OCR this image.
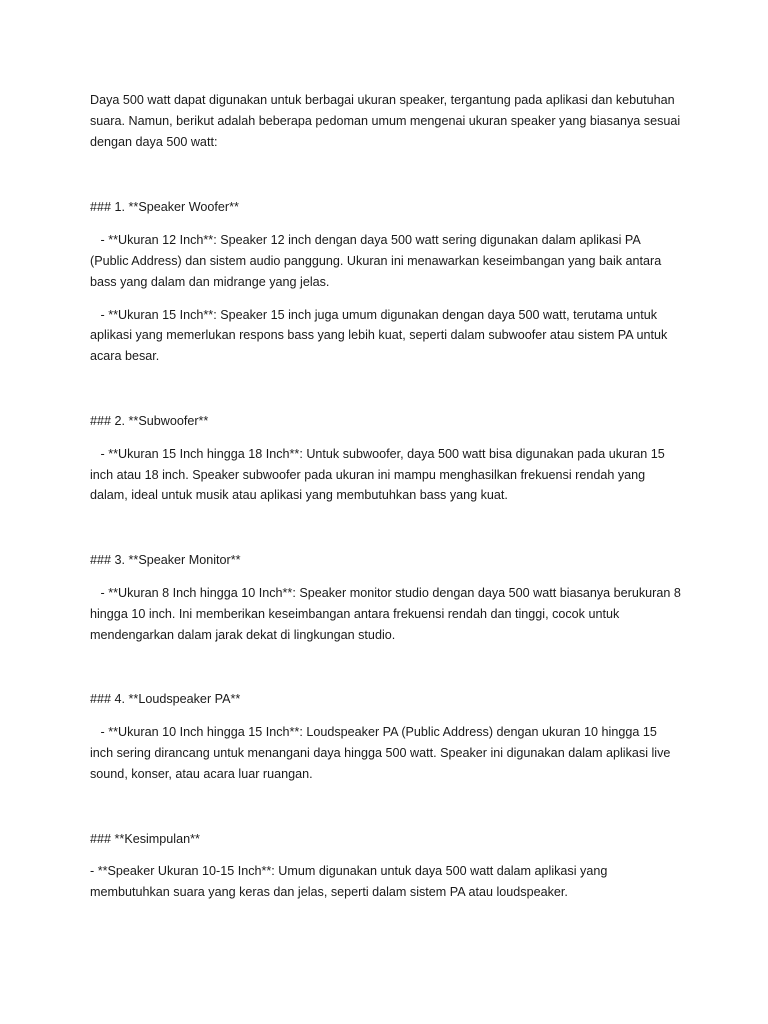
Daya 500 watt dapat digunakan untuk berbagai ukuran speaker, tergantung pada aplikasi dan kebutuhan suara. Namun, berikut adalah beberapa pedoman umum mengenai ukuran speaker yang biasanya sesuai dengan daya 500 watt:

### 1. **Speaker Woofer**

- **Ukuran 12 Inch**: Speaker 12 inch dengan daya 500 watt sering digunakan dalam aplikasi PA (Public Address) dan sistem audio panggung. Ukuran ini menawarkan keseimbangan yang baik antara bass yang dalam dan midrange yang jelas.

- **Ukuran 15 Inch**: Speaker 15 inch juga umum digunakan dengan daya 500 watt, terutama untuk aplikasi yang memerlukan respons bass yang lebih kuat, seperti dalam subwoofer atau sistem PA untuk acara besar.

### 2. **Subwoofer**

- **Ukuran 15 Inch hingga 18 Inch**: Untuk subwoofer, daya 500 watt bisa digunakan pada ukuran 15 inch atau 18 inch. Speaker subwoofer pada ukuran ini mampu menghasilkan frekuensi rendah yang dalam, ideal untuk musik atau aplikasi yang membutuhkan bass yang kuat.

### 3. **Speaker Monitor**

- **Ukuran 8 Inch hingga 10 Inch**: Speaker monitor studio dengan daya 500 watt biasanya berukuran 8 hingga 10 inch. Ini memberikan keseimbangan antara frekuensi rendah dan tinggi, cocok untuk mendengarkan dalam jarak dekat di lingkungan studio.

### 4. **Loudspeaker PA**

- **Ukuran 10 Inch hingga 15 Inch**: Loudspeaker PA (Public Address) dengan ukuran 10 hingga 15 inch sering dirancang untuk menangani daya hingga 500 watt. Speaker ini digunakan dalam aplikasi live sound, konser, atau acara luar ruangan.

### **Kesimpulan**

- **Speaker Ukuran 10-15 Inch**: Umum digunakan untuk daya 500 watt dalam aplikasi yang membutuhkan suara yang keras dan jelas, seperti dalam sistem PA atau loudspeaker.
